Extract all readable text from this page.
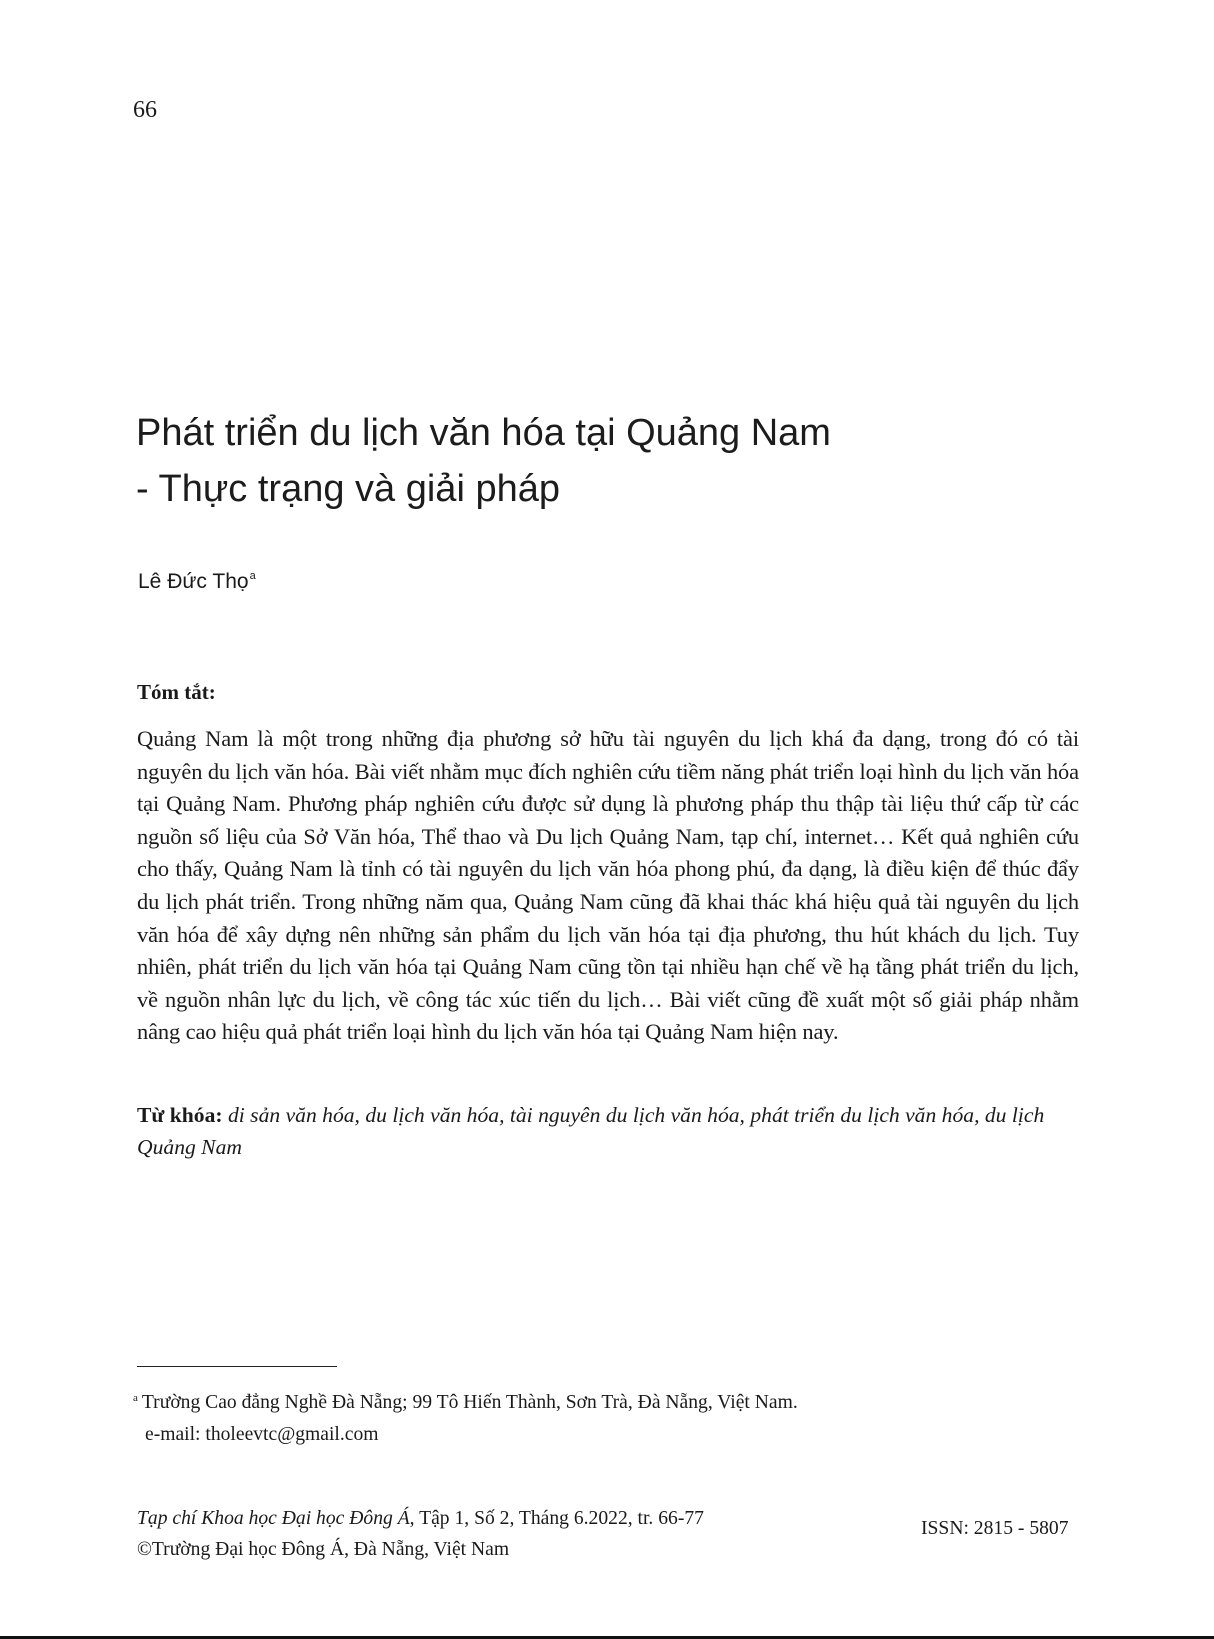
66
Phát triển du lịch văn hóa tại Quảng Nam
- Thực trạng và giải pháp
Lê Đức Thọ$^a$
Tóm tắt:

Quảng Nam là một trong những địa phương sở hữu tài nguyên du lịch khá đa dạng, trong đó có tài nguyên du lịch văn hóa. Bài viết nhằm mục đích nghiên cứu tiềm năng phát triển loại hình du lịch văn hóa tại Quảng Nam. Phương pháp nghiên cứu được sử dụng là phương pháp thu thập tài liệu thứ cấp từ các nguồn số liệu của Sở Văn hóa, Thể thao và Du lịch Quảng Nam, tạp chí, internet… Kết quả nghiên cứu cho thấy, Quảng Nam là tỉnh có tài nguyên du lịch văn hóa phong phú, đa dạng, là điều kiện để thúc đẩy du lịch phát triển. Trong những năm qua, Quảng Nam cũng đã khai thác khá hiệu quả tài nguyên du lịch văn hóa để xây dựng nên những sản phẩm du lịch văn hóa tại địa phương, thu hút khách du lịch. Tuy nhiên, phát triển du lịch văn hóa tại Quảng Nam cũng tồn tại nhiều hạn chế về hạ tầng phát triển du lịch, về nguồn nhân lực du lịch, về công tác xúc tiến du lịch… Bài viết cũng đề xuất một số giải pháp nhằm nâng cao hiệu quả phát triển loại hình du lịch văn hóa tại Quảng Nam hiện nay.

Từ khóa: di sản văn hóa, du lịch văn hóa, tài nguyên du lịch văn hóa, phát triển du lịch văn hóa, du lịch Quảng Nam

$^a$ Trường Cao đẳng Nghề Đà Nẵng; 99 Tô Hiến Thành, Sơn Trà, Đà Nẵng, Việt Nam.
e-mail: tholeevtc@gmail.com
Tạp chí Khoa học Đại học Đông Á, Tập 1, Số 2, Tháng 6.2022, tr. 66-77
©Trường Đại học Đông Á, Đà Nẵng, Việt Nam
ISSN: 2815 - 5807
